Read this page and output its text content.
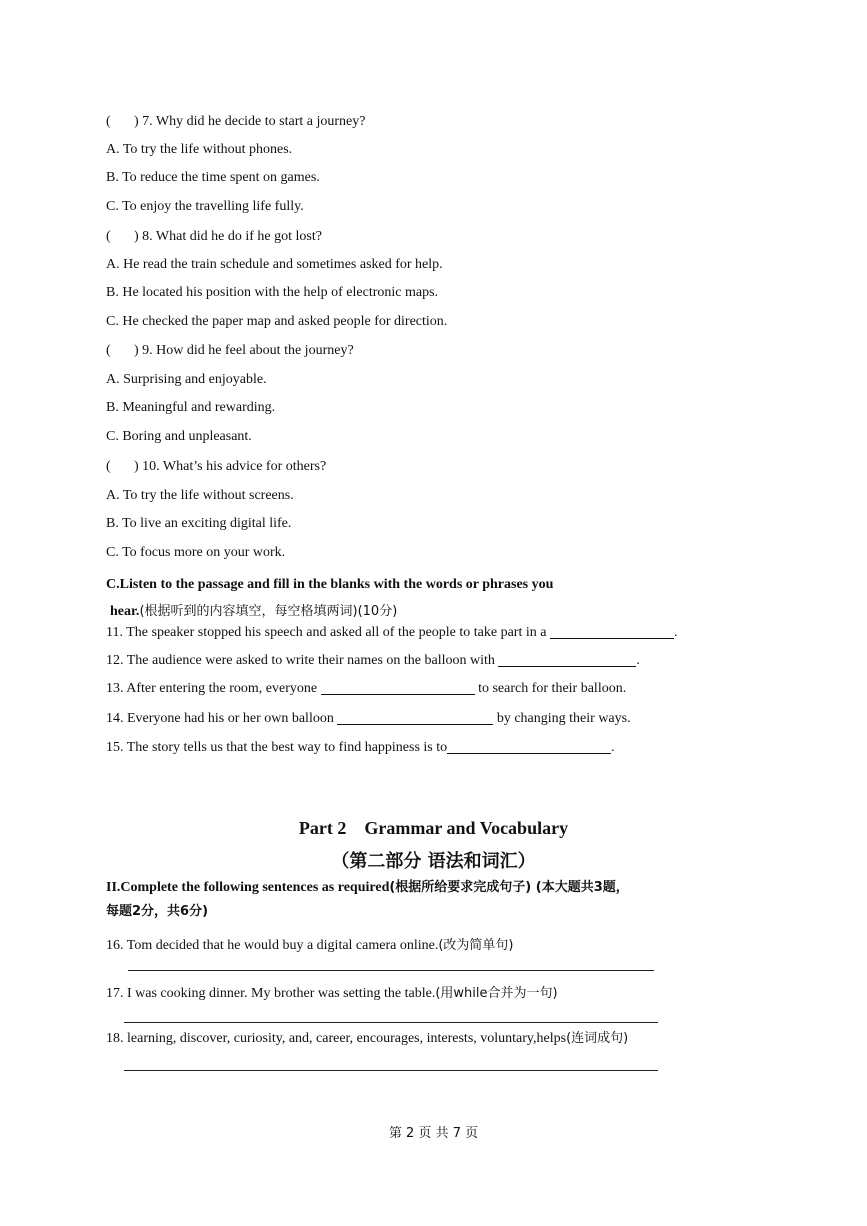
( ) 7. Why did he decide to start a journey?
A. To try the life without phones.
B. To reduce the time spent on games.
C. To enjoy the travelling life fully.
( ) 8. What did he do if he got lost?
A. He read the train schedule and sometimes asked for help.
B. He located his position with the help of electronic maps.
C. He checked the paper map and asked people for direction.
( ) 9. How did he feel about the journey?
A. Surprising and enjoyable.
B. Meaningful and rewarding.
C. Boring and unpleasant.
( ) 10. What’s his advice for others?
A. To try the life without screens.
B. To live an exciting digital life.
C. To focus more on your work.
C.Listen to the passage and fill in the blanks with the words or phrases you
hear.(根据听到的内容填空，每空格填两词)(10分)
11. The speaker stopped his speech and asked all of the people to take part in a	.
12. The audience were asked to write their names on the balloon with	.
13. After entering the room, everyone	to search for their balloon.
14. Everyone had his or her own balloon	by changing their ways.
15. The story tells us that the best way to find happiness is to	.
Part 2    Grammar and Vocabulary
（第二部分 语法和词汇）
II.Complete the following sentences as required(根据所给要求完成句子) (本大题共3题，
每题2分，共6分)
16. Tom decided that he would buy a digital camera online.(改为简单句)
17. I was cooking dinner. My brother was setting the table.(用while合并为一句)
18. learning, discover, curiosity, and, career, encourages, interests, voluntary,helps(连词成句)
第 2 页 共 7 页
